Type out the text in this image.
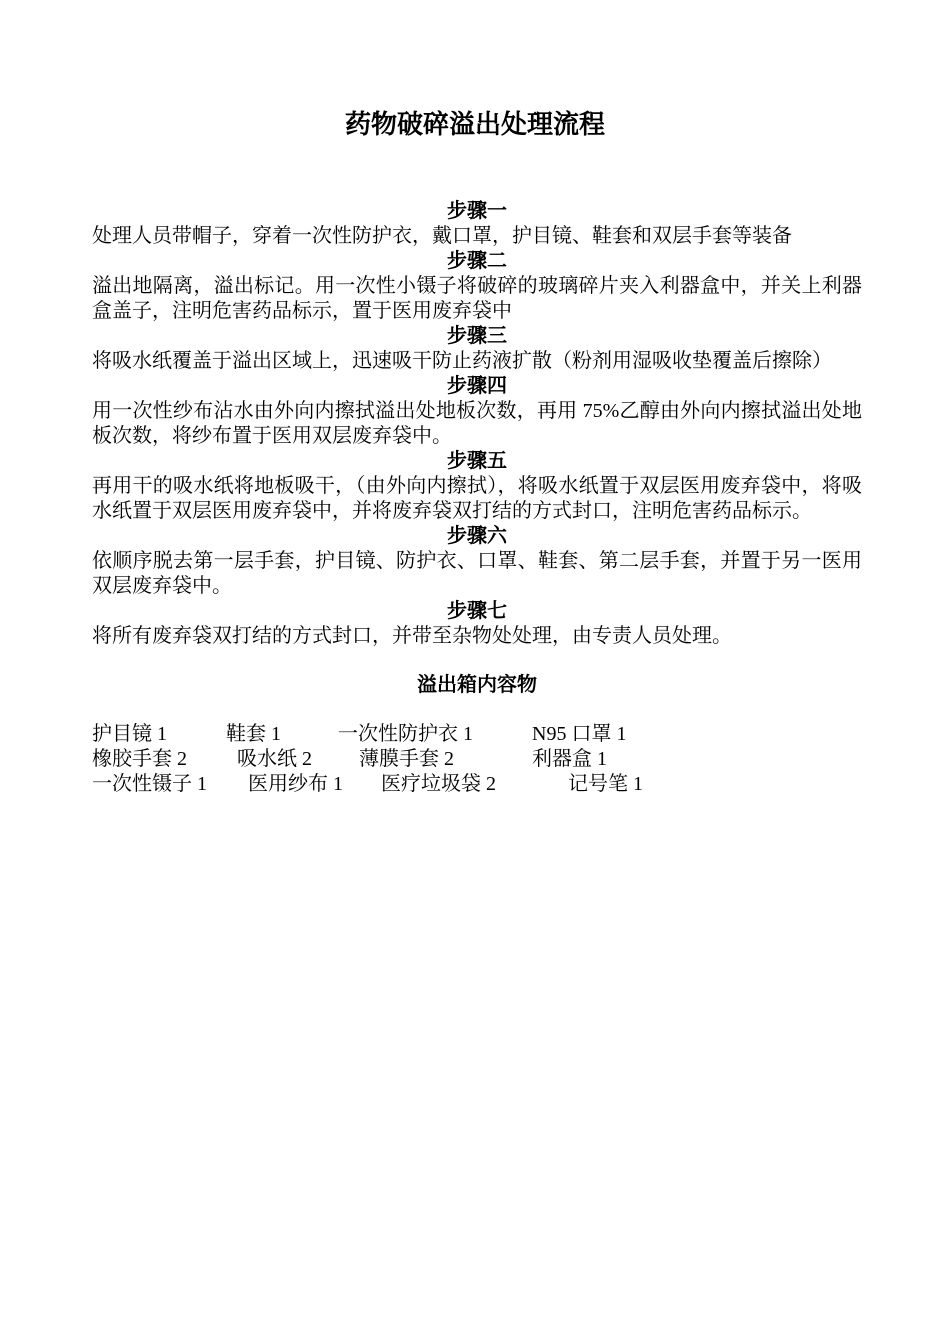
药物破碎溢出处理流程

步骤一

处理人员带帽子，穿着一次性防护衣，戴口罩，护目镜、鞋套和双层手套等装备

步骤二

溢出地隔离，溢出标记。用一次性小镊子将破碎的玻璃碎片夹入利器盒中，并关上利器盒盖子，注明危害药品标示，置于医用废弃袋中

步骤三

将吸水纸覆盖于溢出区域上，迅速吸干防止药液扩散（粉剂用湿吸收垫覆盖后擦除）

步骤四

用一次性纱布沾水由外向内擦拭溢出处地板次数，再用 75%乙醇由外向内擦拭溢出处地板次数，将纱布置于医用双层废弃袋中。

步骤五

再用干的吸水纸将地板吸干，（由外向内擦拭），将吸水纸置于双层医用废弃袋中，将吸水纸置于双层医用废弃袋中，并将废弃袋双打结的方式封口，注明危害药品标示。

步骤六

依顺序脱去第一层手套，护目镜、防护衣、口罩、鞋套、第二层手套，并置于另一医用双层废弃袋中。

步骤七

将所有废弃袋双打结的方式封口，并带至杂物处处理，由专责人员处理。

溢出箱内容物

护目镜 1	鞋套 1	一次性防护衣 1	N95 口罩 1
橡胶手套 2	吸水纸 2 薄膜手套 2	利器盒 1
一次性镊子 1 医用纱布 1 医疗垃圾袋 2	记号笔 1
